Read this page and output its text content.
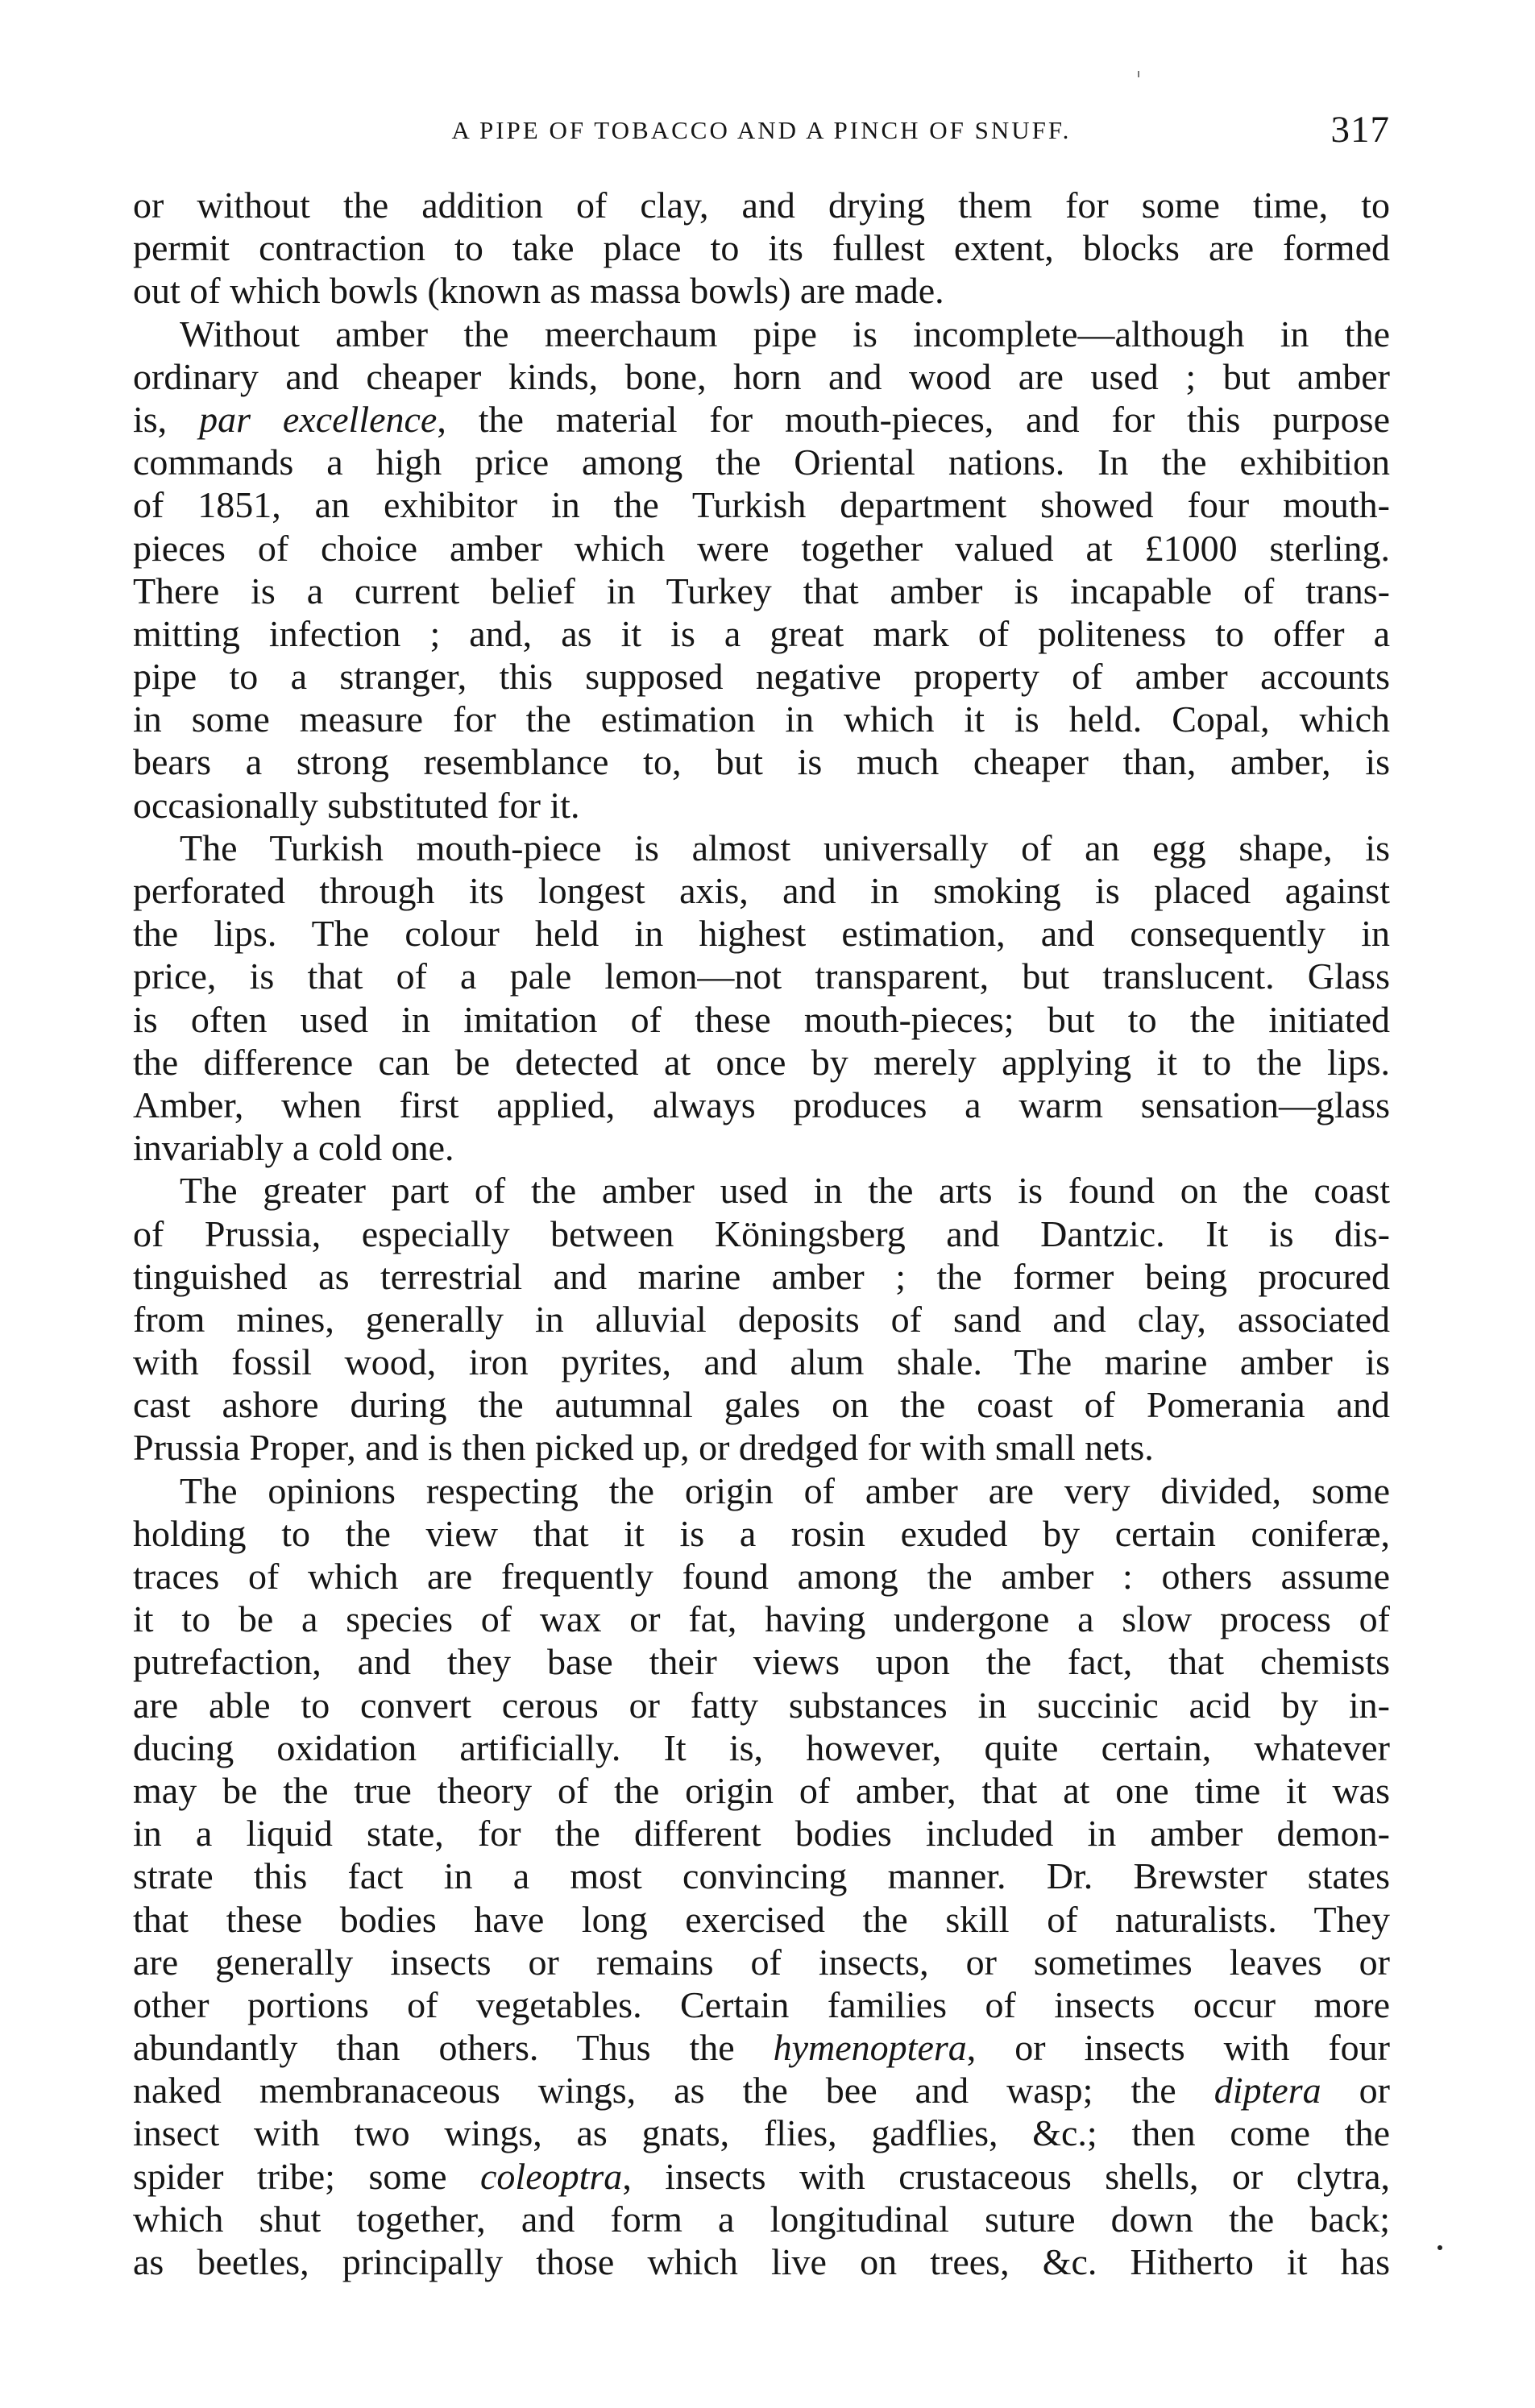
A PIPE OF TOBACCO AND A PINCH OF SNUFF.	317
or without the addition of clay, and drying them for some time, to
permit contraction to take place to its fullest extent, blocks are formed
out of which bowls (known as massa bowls) are made.
Without amber the meerchaum pipe is incomplete—although in the
ordinary and cheaper kinds, bone, horn and wood are used ; but amber
is, par excellence, the material for mouth-pieces, and for this purpose
commands a high price among the Oriental nations. In the exhibition
of 1851, an exhibitor in the Turkish department showed four mouth-
pieces of choice amber which were together valued at £1000 sterling.
There is a current belief in Turkey that amber is incapable of trans-
mitting infection ; and, as it is a great mark of politeness to offer a
pipe to a stranger, this supposed negative property of amber accounts
in some measure for the estimation in which it is held. Copal, which
bears a strong resemblance to, but is much cheaper than, amber, is
occasionally substituted for it.
The Turkish mouth-piece is almost universally of an egg shape, is
perforated through its longest axis, and in smoking is placed against
the lips. The colour held in highest estimation, and consequently in
price, is that of a pale lemon—not transparent, but translucent. Glass
is often used in imitation of these mouth-pieces; but to the initiated
the difference can be detected at once by merely applying it to the lips.
Amber, when first applied, always produces a warm sensation—glass
invariably a cold one.
The greater part of the amber used in the arts is found on the coast
of Prussia, especially between Köningsberg and Dantzic. It is dis-
tinguished as terrestrial and marine amber ; the former being procured
from mines, generally in alluvial deposits of sand and clay, associated
with fossil wood, iron pyrites, and alum shale. The marine amber is
cast ashore during the autumnal gales on the coast of Pomerania and
Prussia Proper, and is then picked up, or dredged for with small nets.
The opinions respecting the origin of amber are very divided, some
holding to the view that it is a rosin exuded by certain coniferæ,
traces of which are frequently found among the amber : others assume
it to be a species of wax or fat, having undergone a slow process of
putrefaction, and they base their views upon the fact, that chemists
are able to convert cerous or fatty substances in succinic acid by in-
ducing oxidation artificially. It is, however, quite certain, whatever
may be the true theory of the origin of amber, that at one time it was
in a liquid state, for the different bodies included in amber demon-
strate this fact in a most convincing manner. Dr. Brewster states
that these bodies have long exercised the skill of naturalists. They
are generally insects or remains of insects, or sometimes leaves or
other portions of vegetables. Certain families of insects occur more
abundantly than others. Thus the hymenoptera, or insects with four
naked membranaceous wings, as the bee and wasp; the diptera or
insect with two wings, as gnats, flies, gadflies, &c.; then come the
spider tribe; some coleoptra, insects with crustaceous shells, or clytra,
which shut together, and form a longitudinal suture down the back;
as beetles, principally those which live on trees, &c. Hitherto it has
